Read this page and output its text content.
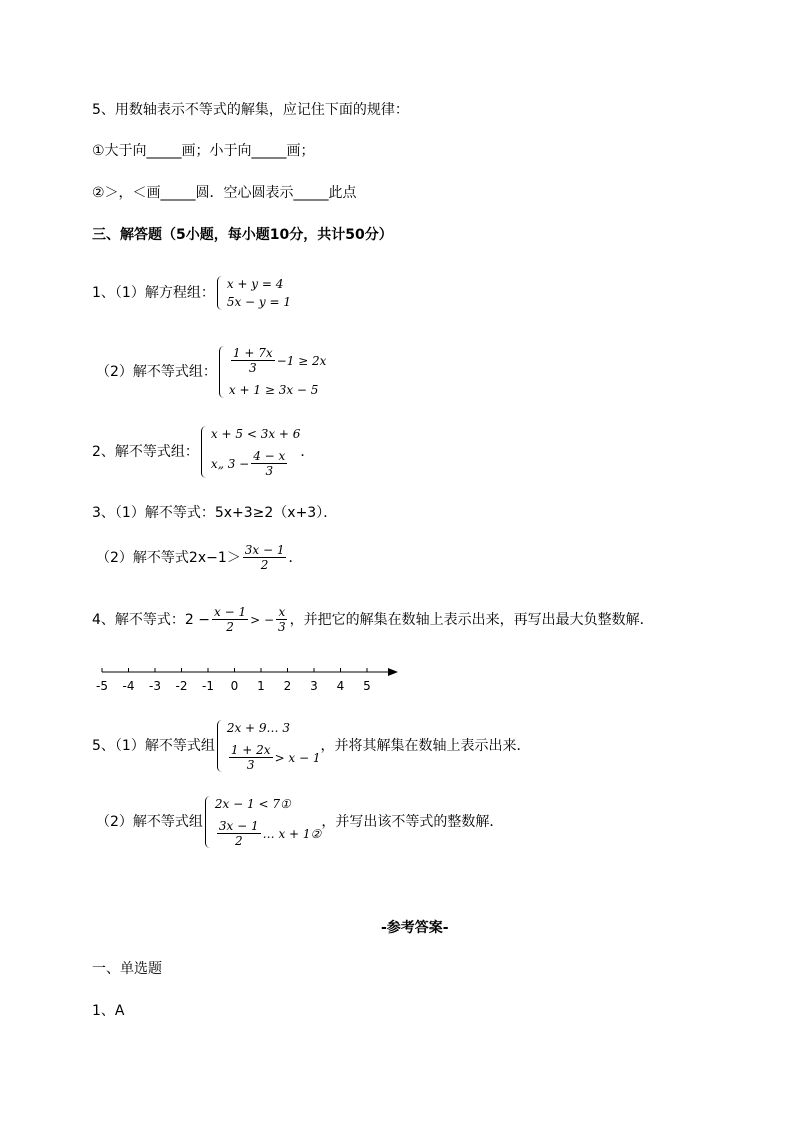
5、用数轴表示不等式的解集，应记住下面的规律：
①大于向_____画；小于向_____画；
②＞，＜画_____圆．空心圆表示_____此点
三、解答题（5小题，每小题10分，共计50分）
1、（1）解方程组：
x + y = 4
5x − y = 1
（2）解不等式组： $\frac{1 + 7x}{3} -1 \ge 2x$
x + 1 ≥ 3x − 5
2、解不等式组：
x + 5 < 3x + 6
x„ $3 - \frac{4 - x}{3}$ ．
3、（1）解不等式：5x+3≥2（x+3）．
（2）解不等式$2x-1> \frac{3x - 1}{2}$ ．
4、解不等式：$2 - \frac{x - 1}{2}$ > − $\frac{x}{3}$ ，并把它的解集在数轴上表示出来，再写出最大负整数解．
-5 -4 -3 -2 -1 0 1 2 3 4 5
5、（1）解不等式组
2x + 9… 3
$\frac{1 + 2x}{3} > x - 1$
，并将其解集在数轴上表示出来．
（2）解不等式组
2x − 1 < 7①
$\frac{3x - 1}{2}$ … x + 1②
，并写出该不等式的整数解．
-参考答案-
一、单选题
1、A
